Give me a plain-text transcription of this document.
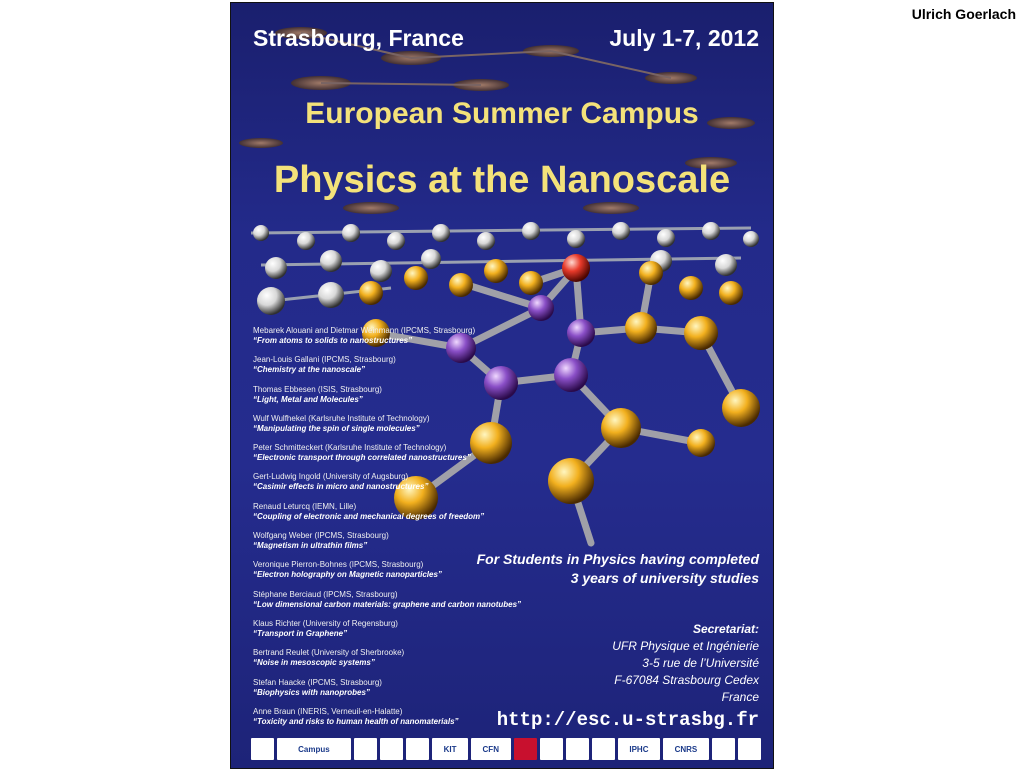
Ulrich Goerlach
Strasbourg, France	July 1-7, 2012
European Summer Campus
Physics at the Nanoscale
Mebarek Alouani and Dietmar Weinmann (IPCMS, Strasbourg)
“From atoms to solids to nanostructures”
Jean-Louis Gallani (IPCMS, Strasbourg)
“Chemistry at the nanoscale”
Thomas Ebbesen (ISIS, Strasbourg)
“Light, Metal and Molecules”
Wulf Wulfhekel (Karlsruhe Institute of Technology)
“Manipulating the spin of single molecules”
Peter Schmitteckert (Karlsruhe Institute of Technology)
“Electronic transport through correlated nanostructures”
Gert-Ludwig Ingold (University of Augsburg)
“Casimir effects in micro and nanostructures”
Renaud Leturcq (IEMN, Lille)
“Coupling of electronic and mechanical degrees of freedom”
Wolfgang Weber (IPCMS, Strasbourg)
“Magnetism in ultrathin films”
Veronique Pierron-Bohnes (IPCMS, Strasbourg)
“Electron holography on Magnetic nanoparticles”
Stéphane Berciaud (IPCMS, Strasbourg)
“Low dimensional carbon materials: graphene and carbon nanotubes”
Klaus Richter (University of Regensburg)
“Transport in Graphene”
Bertrand Reulet (University of Sherbrooke)
“Noise in mesoscopic systems”
Stefan Haacke (IPCMS, Strasbourg)
“Biophysics with nanoprobes”
Anne Braun (INERIS, Verneuil-en-Halatte)
“Toxicity and risks to human health of nanomaterials”
For Students in Physics having completed
3 years of university studies
Secretariat:
UFR Physique et Ingénierie
3-5 rue de l’Université
F-67084 Strasbourg Cedex
France
http://esc.u-strasbg.fr
Campus	KIT	CFN	IPHC	CNRS
